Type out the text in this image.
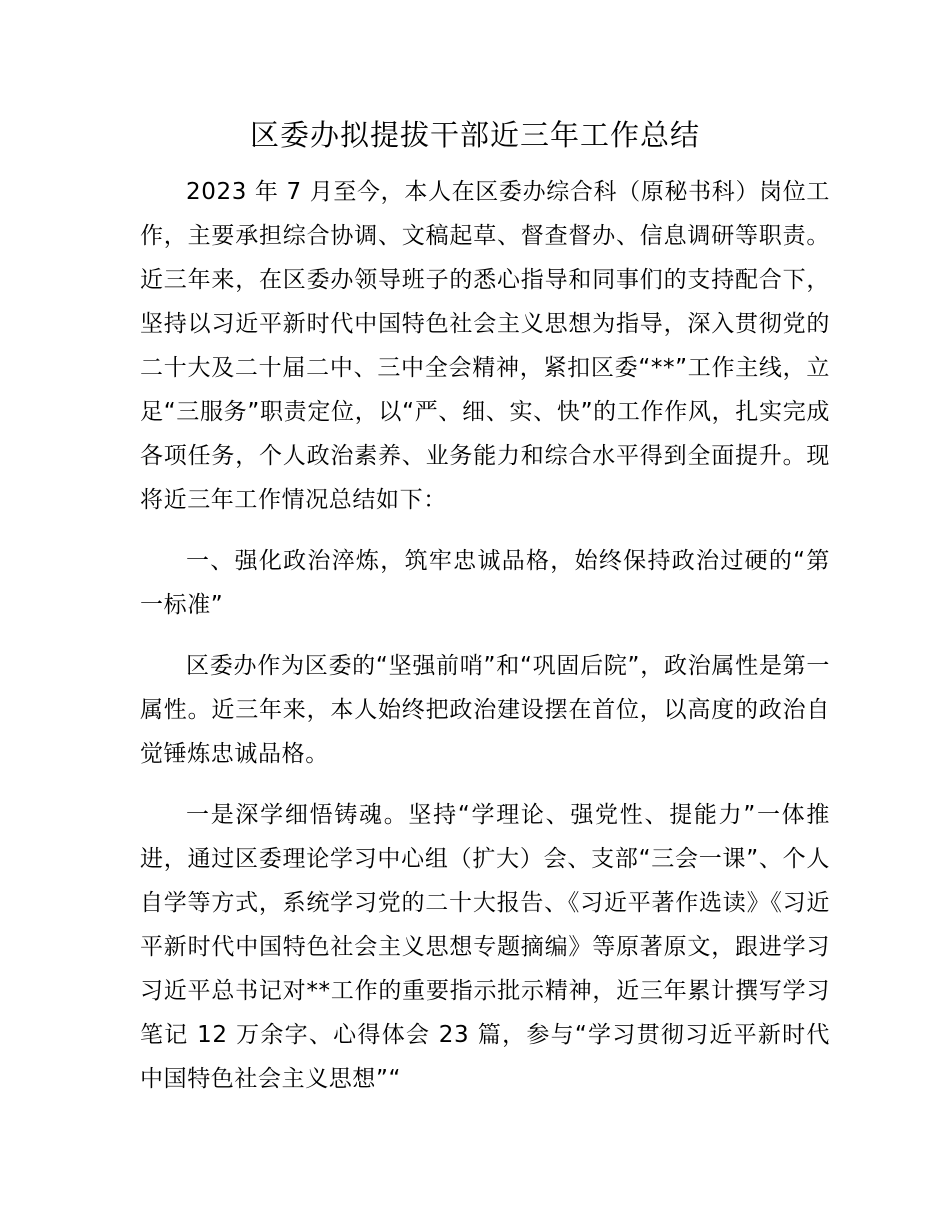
区委办拟提拔干部近三年工作总结

2023 年 7 月至今，本人在区委办综合科（原秘书科）岗位工作，主要承担综合协调、文稿起草、督查督办、信息调研等职责。近三年来，在区委办领导班子的悉心指导和同事们的支持配合下，坚持以习近平新时代中国特色社会主义思想为指导，深入贯彻党的二十大及二十届二中、三中全会精神，紧扣区委“**”工作主线，立足“三服务”职责定位，以“严、细、实、快”的工作作风，扎实完成各项任务，个人政治素养、业务能力和综合水平得到全面提升。现将近三年工作情况总结如下：

一、强化政治淬炼，筑牢忠诚品格，始终保持政治过硬的“第一标准”

区委办作为区委的“坚强前哨”和“巩固后院”，政治属性是第一属性。近三年来，本人始终把政治建设摆在首位，以高度的政治自觉锤炼忠诚品格。

一是深学细悟铸魂。坚持“学理论、强党性、提能力”一体推进，通过区委理论学习中心组（扩大）会、支部“三会一课”、个人自学等方式，系统学习党的二十大报告、《习近平著作选读》《习近平新时代中国特色社会主义思想专题摘编》等原著原文，跟进学习习近平总书记对**工作的重要指示批示精神，近三年累计撰写学习笔记 12 万余字、心得体会 23 篇，参与“学习贯彻习近平新时代中国特色社会主义思想”“
